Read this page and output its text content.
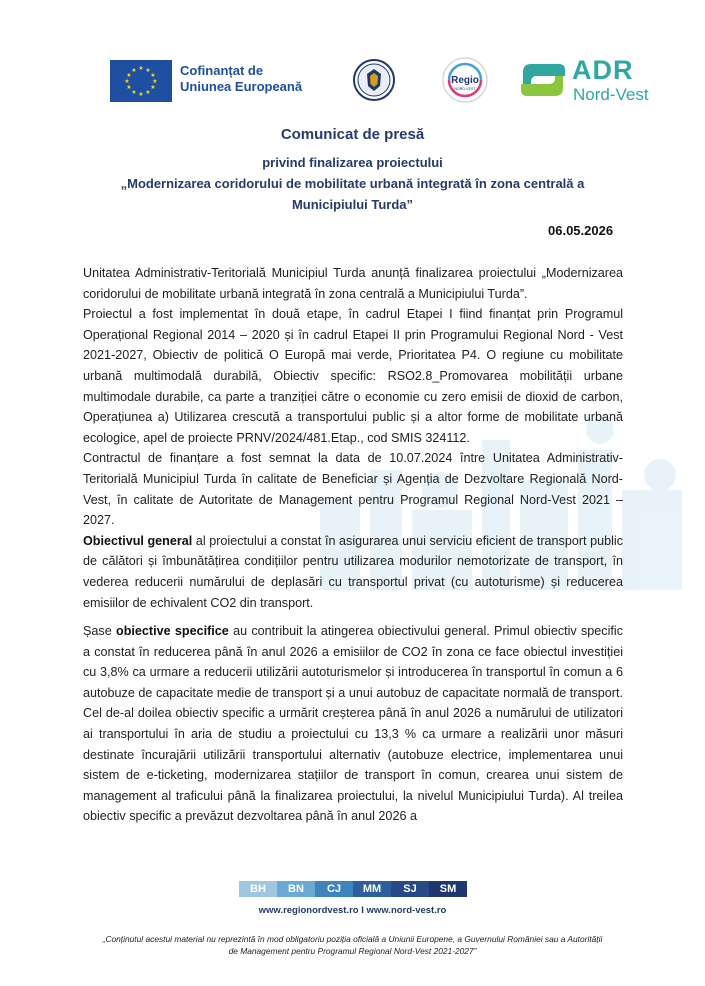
★ ★
★
★
★
★
★
★
★
★
★
★	Cofinanțat de
Uniunea Europeană	Regio
NORD-VEST
ADR
Nord-Vest
Comunicat de presă
privind finalizarea proiectului
„Modernizarea coridorului de mobilitate urbană integrată în zona centrală a
Municipiului Turda”
06.05.2026

Unitatea Administrativ-Teritorială Municipiul Turda anunță finalizarea proiectului „Modernizarea coridorului de mobilitate urbană integrată în zona centrală a Municipiului Turda”.

Proiectul a fost implementat în două etape, în cadrul Etapei I fiind finanțat prin Programul Operațional Regional 2014 – 2020 și în cadrul Etapei II prin Programului Regional Nord - Vest 2021-2027, Obiectiv de politică O Europă mai verde, Prioritatea P4. O regiune cu mobilitate urbană multimodală durabilă, Obiectiv specific: RSO2.8_Promovarea mobilității urbane multimodale durabile, ca parte a tranziției către o economie cu zero emisii de dioxid de carbon, Operațiunea a) Utilizarea crescută a transportului public și a altor forme de mobilitate urbană ecologice, apel de proiecte PRNV/2024/481.Etap., cod SMIS 324112.

Contractul de finanțare a fost semnat la data de 10.07.2024 între Unitatea Administrativ-Teritorială Municipiul Turda în calitate de Beneficiar și Agenția de Dezvoltare Regională Nord-Vest, în calitate de Autoritate de Management pentru Programul Regional Nord-Vest 2021 – 2027.

Obiectivul general al proiectului a constat în asigurarea unui serviciu eficient de transport public de călători și îmbunătățirea condițiilor pentru utilizarea modurilor nemotorizate de transport, în vederea reducerii numărului de deplasări cu transportul privat (cu autoturisme) și reducerea emisiilor de echivalent CO2 din transport.

Șase obiective specifice au contribuit la atingerea obiectivului general. Primul obiectiv specific a constat în reducerea până în anul 2026 a emisiilor de CO2 în zona ce face obiectul investiției cu 3,8% ca urmare a reducerii utilizării autoturismelor și introducerea în transportul în comun a 6 autobuze de capacitate medie de transport și a unui autobuz de capacitate normală de transport. Cel de-al doilea obiectiv specific a urmărit creșterea până în anul 2026 a numărului de utilizatori ai transportului în aria de studiu a proiectului cu 13,3 % ca urmare a realizării unor măsuri destinate încurajării utilizării transportului alternativ (autobuze electrice, implementarea unui sistem de e-ticketing, modernizarea stațiilor de transport în comun, crearea unui sistem de management al traficului până la finalizarea proiectului, la nivelul Municipiului Turda). Al treilea obiectiv specific a prevăzut dezvoltarea până în anul 2026 a

BH	BN	CJ	MM	SJ	SM
www.regionordvest.ro I www.nord-vest.ro
„Conținutul acestui material nu reprezintă în mod obligatoriu poziția oficială a Uniunii Europene, a Guvernului României sau a Autorității de Management pentru Programul Regional Nord-Vest 2021-2027”
